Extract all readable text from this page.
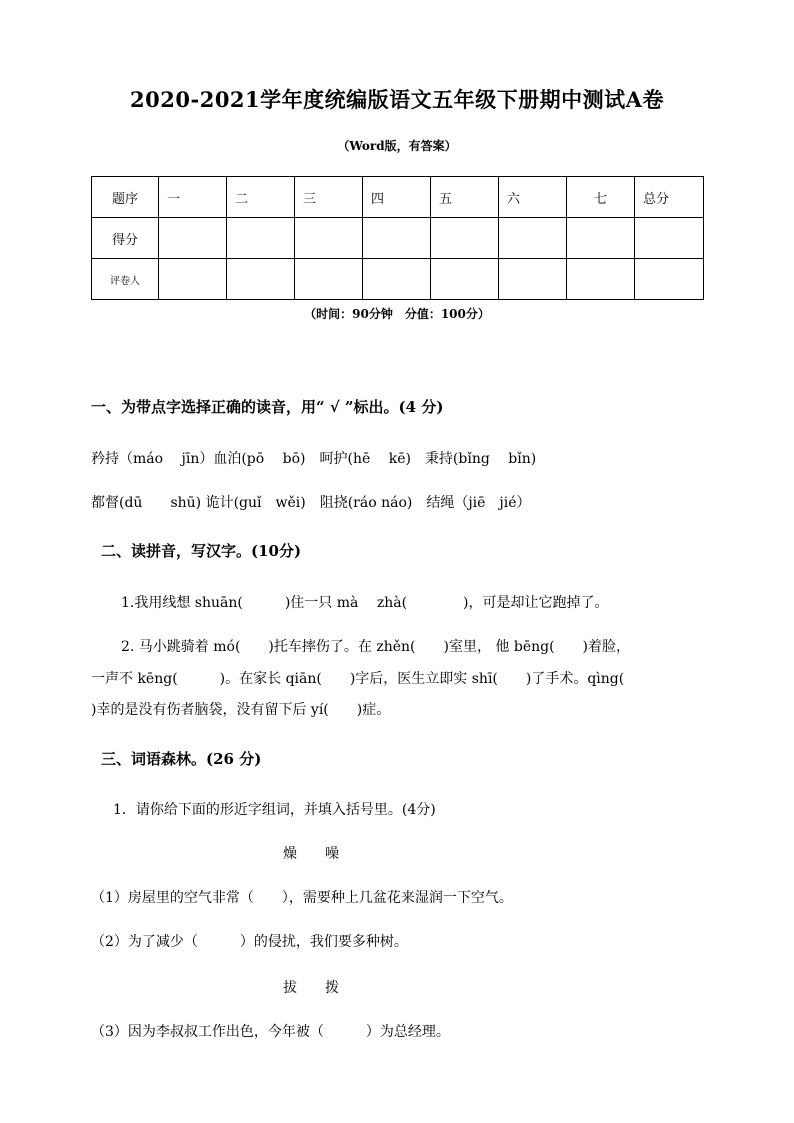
2020-2021学年度统编版语文五年级下册期中测试A卷
（Word版，有答案）
题序	一	二	三	四	五	六	七	总分
得分								
评卷人								
（时间：90分钟　分值：100分）
一、为带点字选择正确的读音，用“ √ ”标出。(4 分)
矜持（máo　 jīn）血泊(pō　 bō)　呵护(hē　 kē)　秉持(bǐng　 bǐn)
都督(dū　　shū) 诡计(guǐ　wěi)　阻挠(ráo náo)　结绳（jiē　jié）
二、读拼音，写汉字。(10分)
1.我用线想 shuān(　　　)住一只 mà　 zhà(　　　　)，可是却让它跑掉了。
2. 马小跳骑着 mó(　　)托车摔伤了。在 zhěn(　　)室里， 他 bēng(　　)着脸，
一声不 kēng(　　　)。在家长 qiān(　　)字后，医生立即实 shī(　　)了手术。qìng(
)幸的是没有伤者脑袋，没有留下后 yí(　　)症。
三、词语森林。(26 分)
1．请你给下面的形近字组词，并填入括号里。(4分)
燥　　噪
（1）房屋里的空气非常（　　），需要种上几盆花来湿润一下空气。
（2）为了减少（　　　）的侵扰，我们要多种树。
拔　　拨
（3）因为李叔叔工作出色，今年被（　　　）为总经理。
